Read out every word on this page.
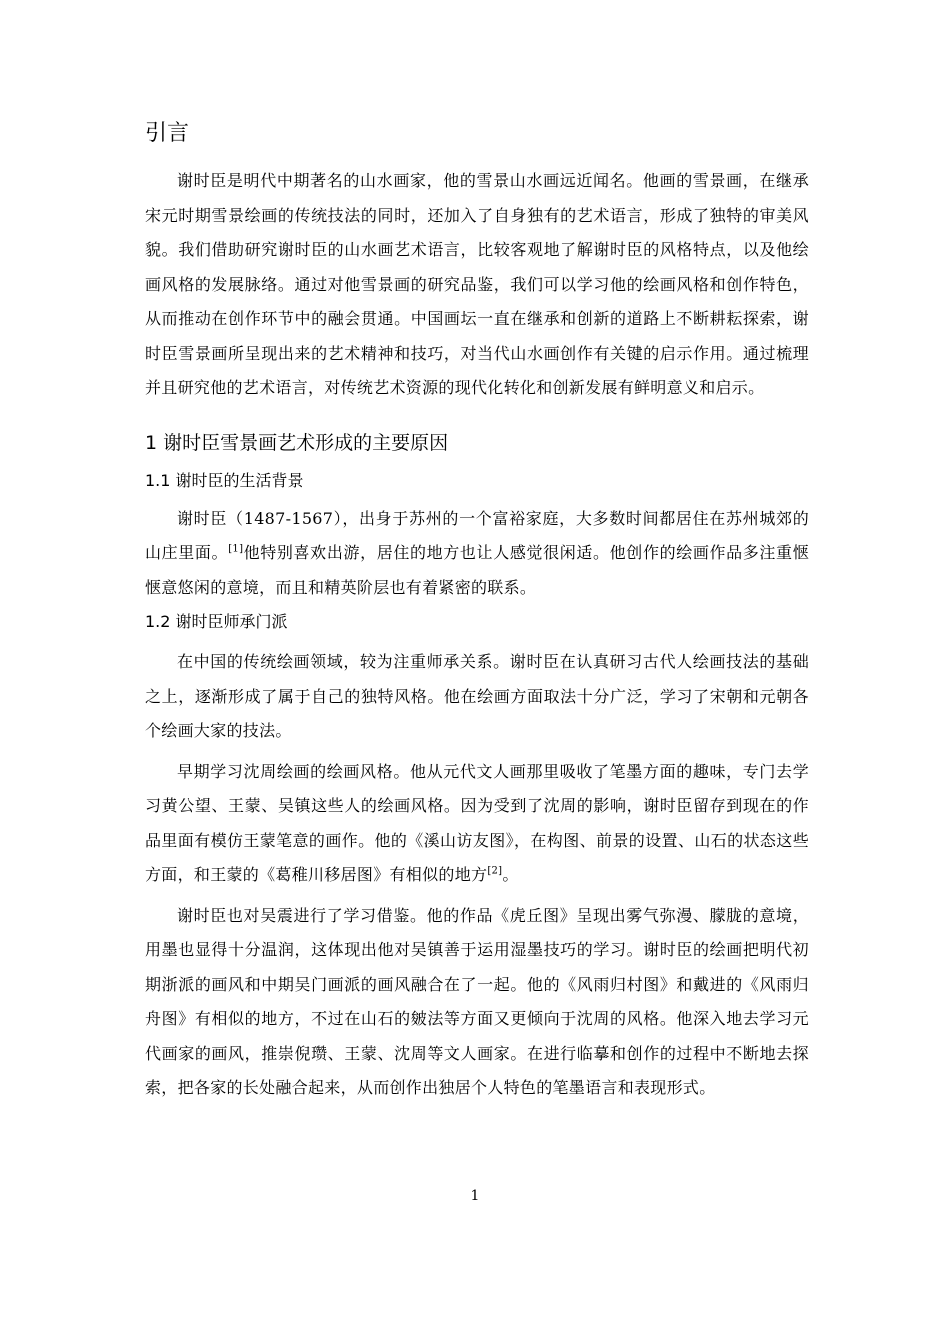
引言

谢时臣是明代中期著名的山水画家，他的雪景山水画远近闻名。他画的雪景画，在继承宋元时期雪景绘画的传统技法的同时，还加入了自身独有的艺术语言，形成了独特的审美风貌。我们借助研究谢时臣的山水画艺术语言，比较客观地了解谢时臣的风格特点，以及他绘画风格的发展脉络。通过对他雪景画的研究品鉴，我们可以学习他的绘画风格和创作特色，从而推动在创作环节中的融会贯通。中国画坛一直在继承和创新的道路上不断耕耘探索，谢时臣雪景画所呈现出来的艺术精神和技巧，对当代山水画创作有关键的启示作用。通过梳理并且研究他的艺术语言，对传统艺术资源的现代化转化和创新发展有鲜明意义和启示。

1 谢时臣雪景画艺术形成的主要原因
1.1 谢时臣的生活背景

谢时臣（1487-1567），出身于苏州的一个富裕家庭，大多数时间都居住在苏州城郊的山庄里面。[1]他特别喜欢出游，居住的地方也让人感觉很闲适。他创作的绘画作品多注重惬惬意悠闲的意境，而且和精英阶层也有着紧密的联系。

1.2 谢时臣师承门派

在中国的传统绘画领域，较为注重师承关系。谢时臣在认真研习古代人绘画技法的基础之上，逐渐形成了属于自己的独特风格。他在绘画方面取法十分广泛，学习了宋朝和元朝各个绘画大家的技法。

早期学习沈周绘画的绘画风格。他从元代文人画那里吸收了笔墨方面的趣味，专门去学习黄公望、王蒙、吴镇这些人的绘画风格。因为受到了沈周的影响，谢时臣留存到现在的作品里面有模仿王蒙笔意的画作。他的《溪山访友图》，在构图、前景的设置、山石的状态这些方面，和王蒙的《葛稚川移居图》有相似的地方[2]。

谢时臣也对吴震进行了学习借鉴。他的作品《虎丘图》呈现出雾气弥漫、朦胧的意境，用墨也显得十分温润，这体现出他对吴镇善于运用湿墨技巧的学习。谢时臣的绘画把明代初期浙派的画风和中期吴门画派的画风融合在了一起。他的《风雨归村图》和戴进的《风雨归舟图》有相似的地方，不过在山石的皴法等方面又更倾向于沈周的风格。他深入地去学习元代画家的画风，推崇倪瓒、王蒙、沈周等文人画家。在进行临摹和创作的过程中不断地去探索，把各家的长处融合起来，从而创作出独居个人特色的笔墨语言和表现形式。

1
